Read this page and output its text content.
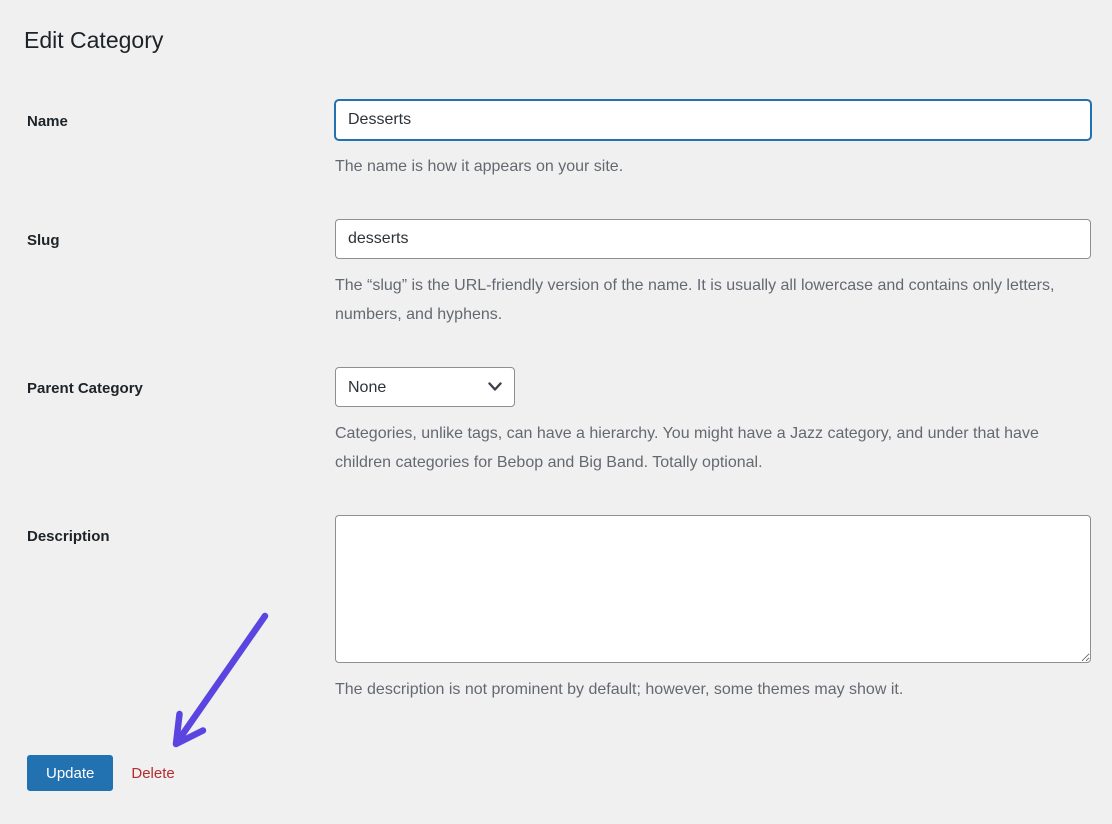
Edit Category
Name
Desserts

The name is how it appears on your site.

Slug
desserts

The “slug” is the URL-friendly version of the name. It is usually all lowercase and contains only letters, numbers, and hyphens.

Parent Category
None

Categories, unlike tags, can have a hierarchy. You might have a Jazz category, and under that have children categories for Bebop and Big Band. Totally optional.

Description

The description is not prominent by default; however, some themes may show it.

Update	Delete
